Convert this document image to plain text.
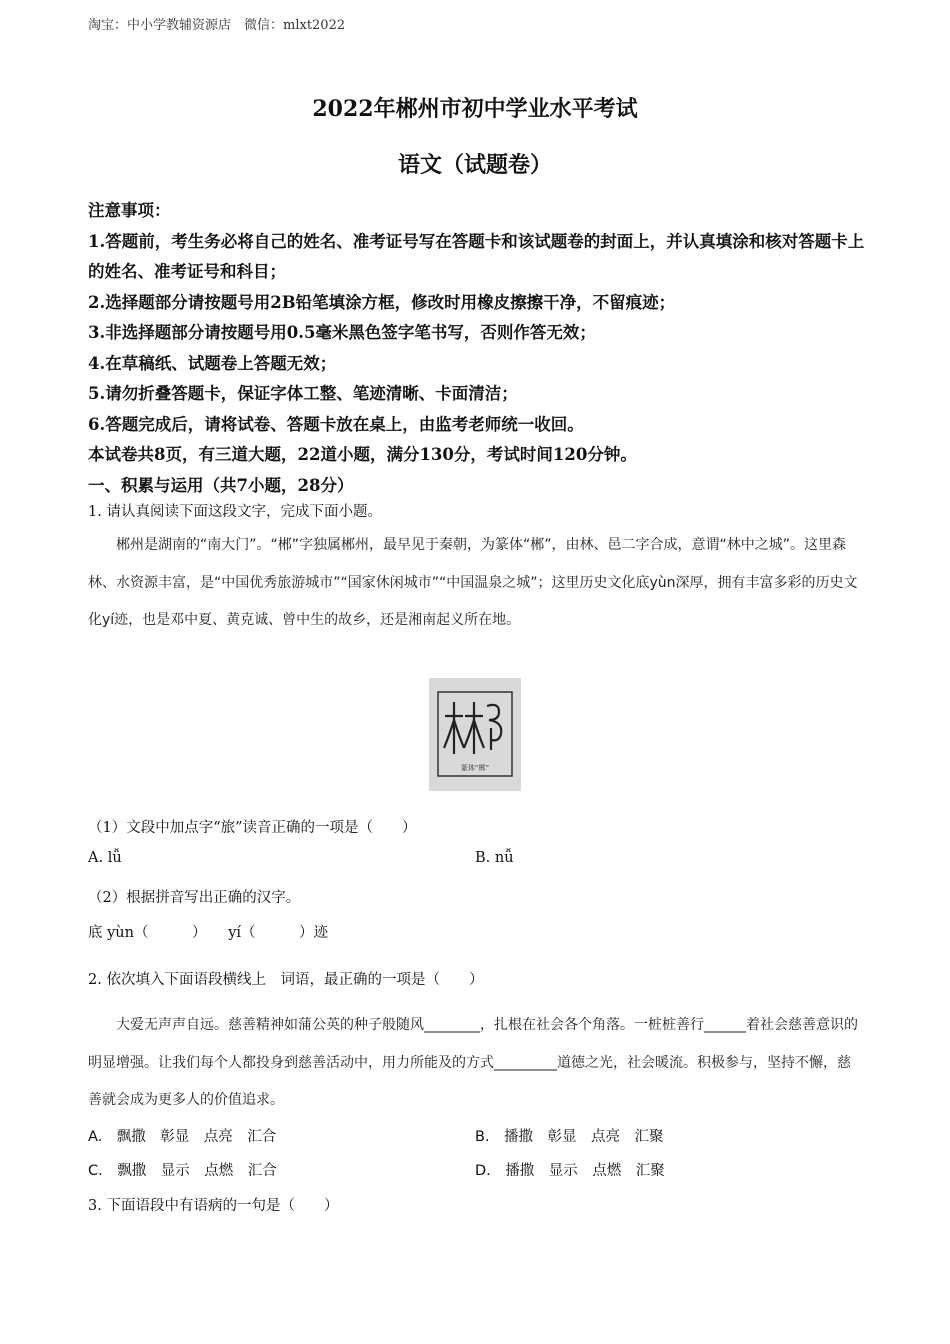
淘宝：中小学教辅资源店　微信：mlxt2022
2022年郴州市初中学业水平考试
语文（试题卷）
注意事项：
1.答题前，考生务必将自己的姓名、准考证号写在答题卡和该试题卷的封面上，并认真填涂和核对答题卡上的姓名、准考证号和科目；
2.选择题部分请按题号用2B铅笔填涂方框，修改时用橡皮擦擦干净，不留痕迹；
3.非选择题部分请按题号用0.5毫米黑色签字笔书写，否则作答无效；
4.在草稿纸、试题卷上答题无效；
5.请勿折叠答题卡，保证字体工整、笔迹清晰、卡面清洁；
6.答题完成后，请将试卷、答题卡放在桌上，由监考老师统一收回。
本试卷共8页，有三道大题，22道小题，满分130分，考试时间120分钟。
一、积累与运用（共7小题，28分）
1. 请认真阅读下面这段文字，完成下面小题。

郴州是湖南的“南大门”。“郴”字独属郴州，最早见于秦朝，为篆体“郴”，由林、邑二字合成，意谓“林中之城”。这里森林、水资源丰富，是“中国优秀旅游城市”“国家休闲城市”“中国温泉之城”；这里历史文化底yùn深厚，拥有丰富多彩的历史文化yí迹，也是邓中夏、黄克诚、曾中生的故乡，还是湘南起义所在地。

篆体“郴”
（1）文段中加点字“旅”读音正确的一项是（　　）
A. lǚ	B. nǚ
（2）根据拼音写出正确的汉字。
底 yùn（　　　）　　yí（　　　）迹
2. 依次填入下面语段横线上　词语，最正确的一项是（　　）

大爱无声声自远。慈善精神如蒲公英的种子般随风________，扎根在社会各个角落。一桩桩善行______着社会慈善意识的明显增强。让我们每个人都投身到慈善活动中，用力所能及的方式_________道德之光，社会暖流。积极参与，坚持不懈，慈善就会成为更多人的价值追求。

A.　飘撒　彰显　点亮　汇合	B.　播撒　彰显　点亮　汇聚
C.　飘撒　显示　点燃　汇合	D.　播撒　显示　点燃　汇聚
3. 下面语段中有语病的一句是（　　）
